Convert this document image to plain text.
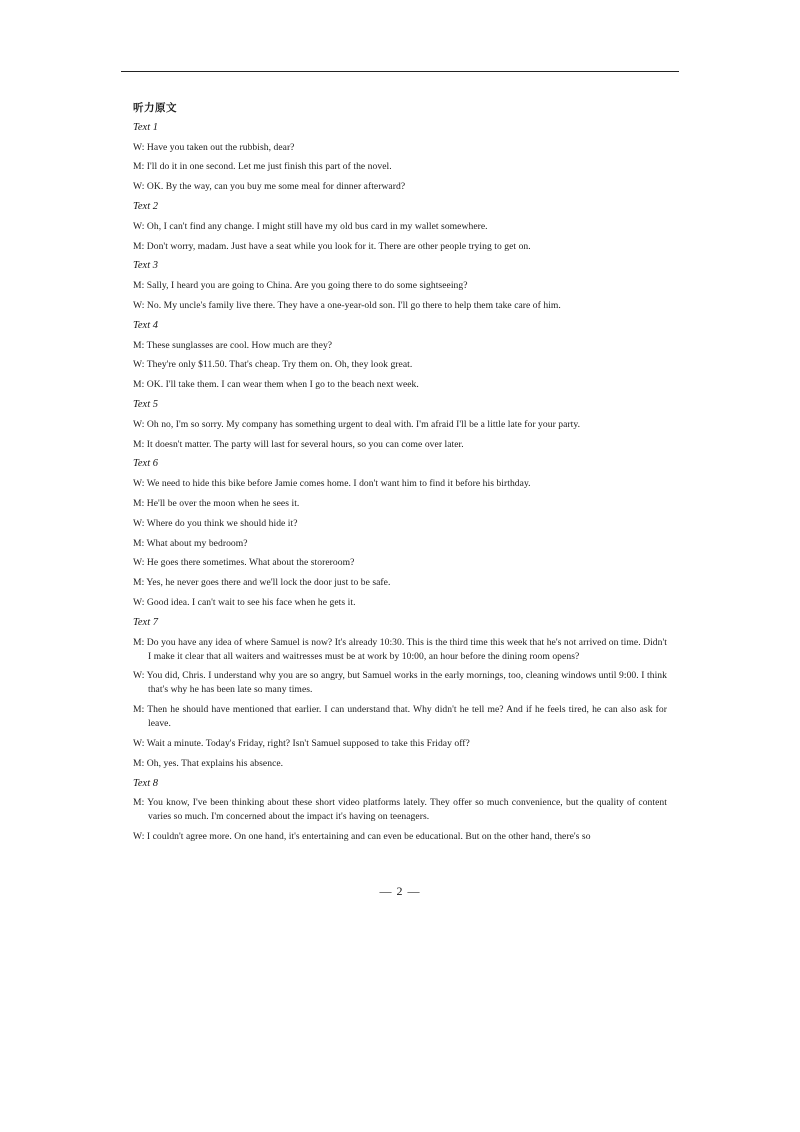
听力原文
Text 1
W: Have you taken out the rubbish, dear?
M: I'll do it in one second. Let me just finish this part of the novel.
W: OK. By the way, can you buy me some meal for dinner afterward?
Text 2
W: Oh, I can't find any change. I might still have my old bus card in my wallet somewhere.
M: Don't worry, madam. Just have a seat while you look for it. There are other people trying to get on.
Text 3
M: Sally, I heard you are going to China. Are you going there to do some sightseeing?
W: No. My uncle's family live there. They have a one-year-old son. I'll go there to help them take care of him.
Text 4
M: These sunglasses are cool. How much are they?
W: They're only $11.50. That's cheap. Try them on. Oh, they look great.
M: OK. I'll take them. I can wear them when I go to the beach next week.
Text 5
W: Oh no, I'm so sorry. My company has something urgent to deal with. I'm afraid I'll be a little late for your party.
M: It doesn't matter. The party will last for several hours, so you can come over later.
Text 6
W: We need to hide this bike before Jamie comes home. I don't want him to find it before his birthday.
M: He'll be over the moon when he sees it.
W: Where do you think we should hide it?
M: What about my bedroom?
W: He goes there sometimes. What about the storeroom?
M: Yes, he never goes there and we'll lock the door just to be safe.
W: Good idea. I can't wait to see his face when he gets it.
Text 7
M: Do you have any idea of where Samuel is now? It's already 10:30. This is the third time this week that he's not arrived on time. Didn't I make it clear that all waiters and waitresses must be at work by 10:00, an hour before the dining room opens?
W: You did, Chris. I understand why you are so angry, but Samuel works in the early mornings, too, cleaning windows until 9:00. I think that's why he has been late so many times.
M: Then he should have mentioned that earlier. I can understand that. Why didn't he tell me? And if he feels tired, he can also ask for leave.
W: Wait a minute. Today's Friday, right? Isn't Samuel supposed to take this Friday off?
M: Oh, yes. That explains his absence.
Text 8
M: You know, I've been thinking about these short video platforms lately. They offer so much convenience, but the quality of content varies so much. I'm concerned about the impact it's having on teenagers.
W: I couldn't agree more. On one hand, it's entertaining and can even be educational. But on the other hand, there's so
— 2 —
